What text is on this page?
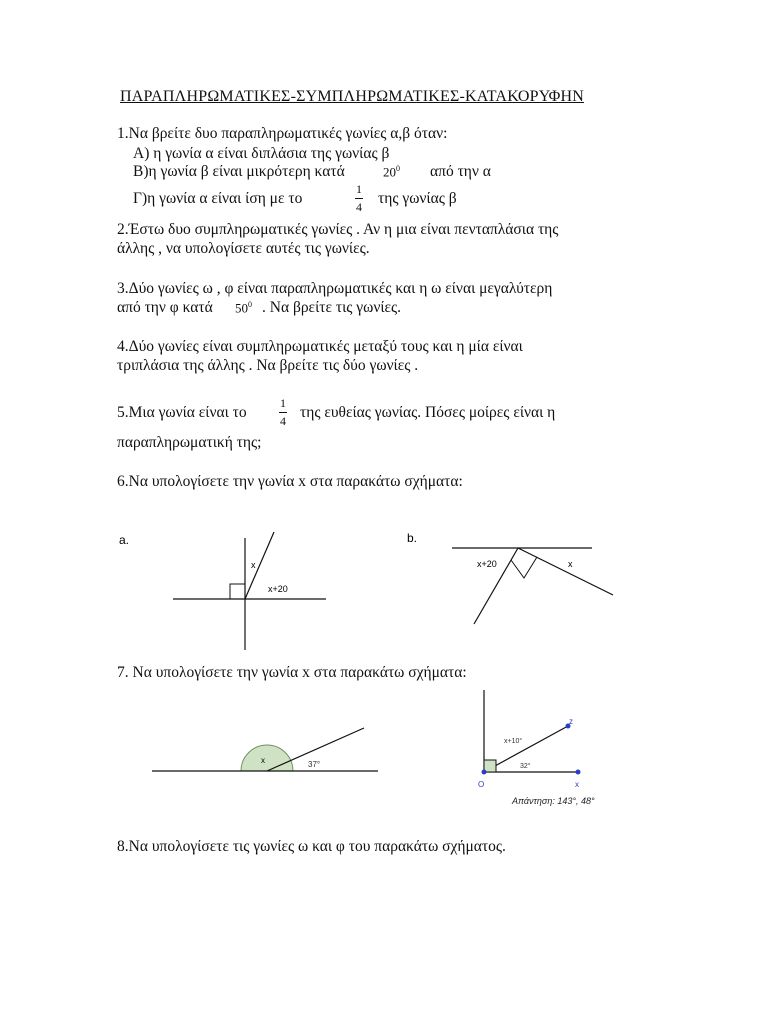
ΠΑΡΑΠΛΗΡΩΜΑΤΙΚΕΣ-ΣΥΜΠΛΗΡΩΜΑΤΙΚΕΣ-ΚΑΤΑΚΟΡΥΦΗΝ
1.Να βρείτε δυο παραπληρωματικές γωνίες α,β όταν:
Α) η γωνία α είναι διπλάσια της γωνίας β
Β)η γωνία β είναι μικρότερη κατά	$20^0$ από την α
Γ)η γωνία α είναι ίση με το
1
4 της γωνίας β
2.Έστω δυο συμπληρωματικές γωνίες . Αν η μια είναι πενταπλάσια της
άλλης , να υπολογίσετε αυτές τις γωνίες.
3.Δύο γωνίες ω , φ είναι παραπληρωματικές και η ω είναι μεγαλύτερη
από την φ κατά $50^0$ . Να βρείτε τις γωνίες.
4.Δύο γωνίες είναι συμπληρωματικές μεταξύ τους και η μία είναι
τριπλάσια της άλλης . Να βρείτε τις δύο γωνίες .
5.Μια γωνία είναι το
1
4 της ευθείας γωνίας. Πόσες μοίρες είναι η
παραπληρωματική της;
6.Να υπολογίσετε την γωνία x στα παρακάτω σχήματα:
a.
x
x+20
b.
x+20	x
7. Να υπολογίσετε την γωνία x στα παρακάτω σχήματα:
x	37°
z
O	x
x+10°
32°
Απάντηση: 143°, 48°
8.Να υπολογίσετε τις γωνίες ω και φ του παρακάτω σχήματος.
